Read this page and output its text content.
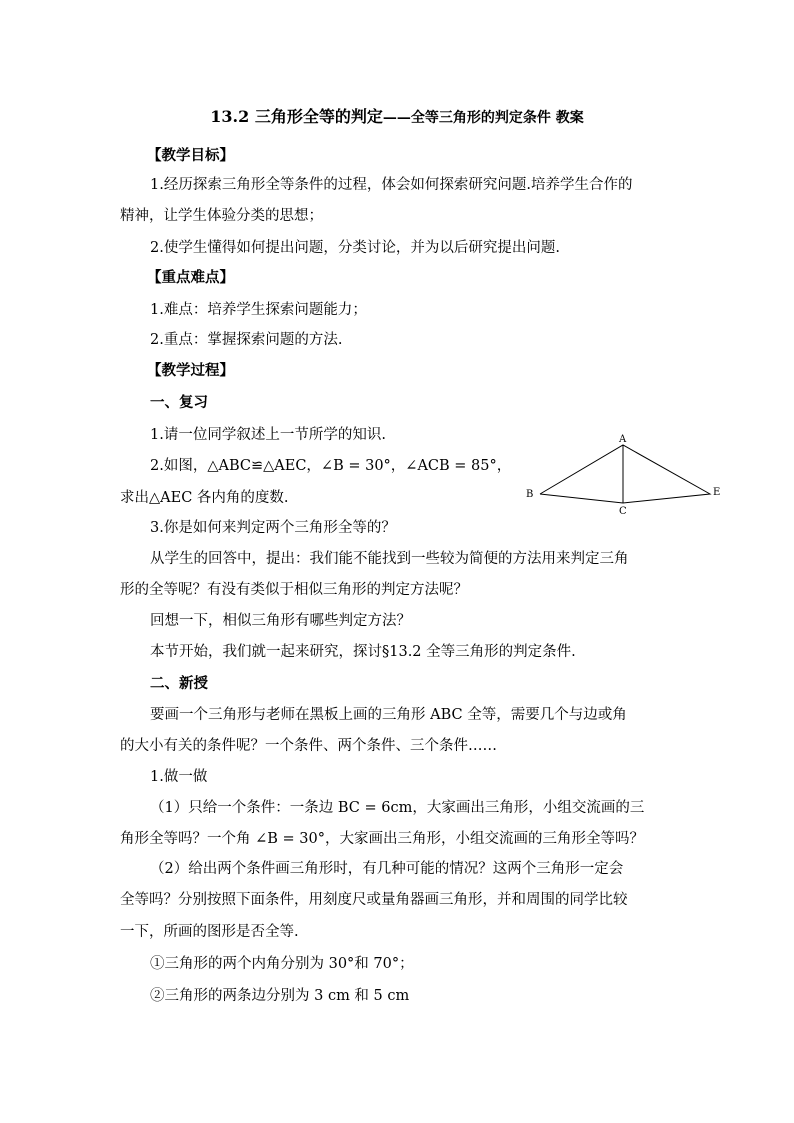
13.2 三角形全等的判定——全等三角形的判定条件 教案
【教学目标】
1.经历探索三角形全等条件的过程，体会如何探索研究问题.培养学生合作的
精神，让学生体验分类的思想；
2.使学生懂得如何提出问题，分类讨论，并为以后研究提出问题.
【重点难点】
1.难点：培养学生探索问题能力；
2.重点：掌握探索问题的方法.
【教学过程】
一、复习
1.请一位同学叙述上一节所学的知识.
2.如图，△ABC≌△AEC，∠B = 30°，∠ACB = 85°，
求出△AEC 各内角的度数.
3.你是如何来判定两个三角形全等的？
从学生的回答中，提出：我们能不能找到一些较为简便的方法用来判定三角
形的全等呢？有没有类似于相似三角形的判定方法呢？
回想一下，相似三角形有哪些判定方法？
本节开始，我们就一起来研究，探讨§13.2 全等三角形的判定条件.
二、新授
要画一个三角形与老师在黑板上画的三角形 ABC 全等，需要几个与边或角
的大小有关的条件呢？一个条件、两个条件、三个条件……
1.做一做
（1）只给一个条件：一条边 BC = 6cm，大家画出三角形，小组交流画的三
角形全等吗？一个角 ∠B = 30°，大家画出三角形，小组交流画的三角形全等吗？
（2）给出两个条件画三角形时，有几种可能的情况？这两个三角形一定会
全等吗？分别按照下面条件，用刻度尺或量角器画三角形，并和周围的同学比较
一下，所画的图形是否全等.
①三角形的两个内角分别为 30°和 70°；
②三角形的两条边分别为 3 cm 和 5 cm
A
B
C
E
